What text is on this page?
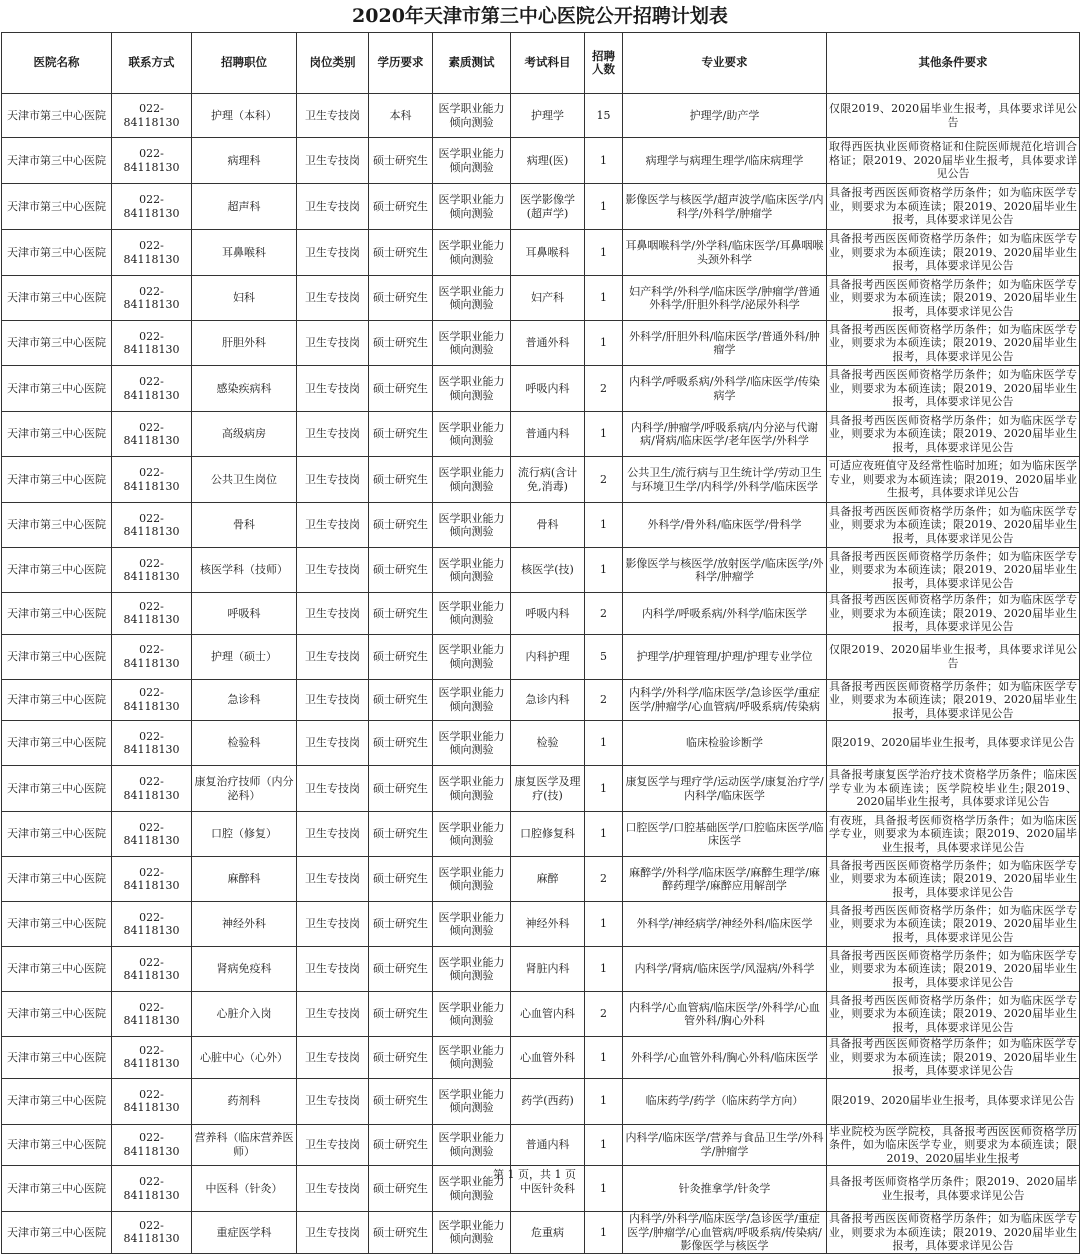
2020年天津市第三中心医院公开招聘计划表
医院名称	联系方式	招聘职位	岗位类别	学历要求	素质测试	考试科目	招聘人数	专业要求	其他条件要求
天津市第三中心医院	022-84118130	护理（本科）	卫生专技岗	本科	医学职业能力倾向测验	护理学	15	护理学/助产学	仅限2019、2020届毕业生报考，具体要求详见公告
天津市第三中心医院	022-84118130	病理科	卫生专技岗	硕士研究生	医学职业能力倾向测验	病理(医)	1	病理学与病理生理学/临床病理学	取得西医执业医师资格证和住院医师规范化培训合格证；限2019、2020届毕业生报考，具体要求详见公告
天津市第三中心医院	022-84118130	超声科	卫生专技岗	硕士研究生	医学职业能力倾向测验	医学影像学(超声学)	1	影像医学与核医学/超声波学/临床医学/内科学/外科学/肿瘤学	具备报考西医医师资格学历条件；如为临床医学专业，则要求为本硕连读；限2019、2020届毕业生报考，具体要求详见公告
天津市第三中心医院	022-84118130	耳鼻喉科	卫生专技岗	硕士研究生	医学职业能力倾向测验	耳鼻喉科	1	耳鼻咽喉科学/外学科/临床医学/耳鼻咽喉头颈外科学	具备报考西医医师资格学历条件；如为临床医学专业，则要求为本硕连读；限2019、2020届毕业生报考，具体要求详见公告
天津市第三中心医院	022-84118130	妇科	卫生专技岗	硕士研究生	医学职业能力倾向测验	妇产科	1	妇产科学/外科学/临床医学/肿瘤学/普通外科学/肝胆外科学/泌尿外科学	具备报考西医医师资格学历条件；如为临床医学专业，则要求为本硕连读；限2019、2020届毕业生报考，具体要求详见公告
天津市第三中心医院	022-84118130	肝胆外科	卫生专技岗	硕士研究生	医学职业能力倾向测验	普通外科	1	外科学/肝胆外科/临床医学/普通外科/肿瘤学	具备报考西医医师资格学历条件；如为临床医学专业，则要求为本硕连读；限2019、2020届毕业生报考，具体要求详见公告
天津市第三中心医院	022-84118130	感染疾病科	卫生专技岗	硕士研究生	医学职业能力倾向测验	呼吸内科	2	内科学/呼吸系病/外科学/临床医学/传染病学	具备报考西医医师资格学历条件；如为临床医学专业，则要求为本硕连读；限2019、2020届毕业生报考，具体要求详见公告
天津市第三中心医院	022-84118130	高级病房	卫生专技岗	硕士研究生	医学职业能力倾向测验	普通内科	1	内科学/肿瘤学/呼吸系病/内分泌与代谢病/肾病/临床医学/老年医学/外科学	具备报考西医医师资格学历条件；如为临床医学专业，则要求为本硕连读；限2019、2020届毕业生报考，具体要求详见公告
天津市第三中心医院	022-84118130	公共卫生岗位	卫生专技岗	硕士研究生	医学职业能力倾向测验	流行病(含计免,消毒)	2	公共卫生/流行病与卫生统计学/劳动卫生与环境卫生学/内科学/外科学/临床医学	可适应夜班值守及经常性临时加班；如为临床医学专业，则要求为本硕连读；限2019、2020届毕业生报考，具体要求详见公告
天津市第三中心医院	022-84118130	骨科	卫生专技岗	硕士研究生	医学职业能力倾向测验	骨科	1	外科学/骨外科/临床医学/骨科学	具备报考西医医师资格学历条件；如为临床医学专业，则要求为本硕连读；限2019、2020届毕业生报考，具体要求详见公告
天津市第三中心医院	022-84118130	核医学科（技师）	卫生专技岗	硕士研究生	医学职业能力倾向测验	核医学(技)	1	影像医学与核医学/放射医学/临床医学/外科学/肿瘤学	具备报考西医医师资格学历条件；如为临床医学专业，则要求为本硕连读；限2019、2020届毕业生报考，具体要求详见公告
天津市第三中心医院	022-84118130	呼吸科	卫生专技岗	硕士研究生	医学职业能力倾向测验	呼吸内科	2	内科学/呼吸系病/外科学/临床医学	具备报考西医医师资格学历条件；如为临床医学专业，则要求为本硕连读；限2019、2020届毕业生报考，具体要求详见公告
天津市第三中心医院	022-84118130	护理（硕士）	卫生专技岗	硕士研究生	医学职业能力倾向测验	内科护理	5	护理学/护理管理/护理/护理专业学位	仅限2019、2020届毕业生报考，具体要求详见公告
天津市第三中心医院	022-84118130	急诊科	卫生专技岗	硕士研究生	医学职业能力倾向测验	急诊内科	2	内科学/外科学/临床医学/急诊医学/重症医学/肿瘤学/心血管病/呼吸系病/传染病	具备报考西医医师资格学历条件；如为临床医学专业，则要求为本硕连读；限2019、2020届毕业生报考，具体要求详见公告
天津市第三中心医院	022-84118130	检验科	卫生专技岗	硕士研究生	医学职业能力倾向测验	检验	1	临床检验诊断学	限2019、2020届毕业生报考，具体要求详见公告
天津市第三中心医院	022-84118130	康复治疗技师（内分泌科）	卫生专技岗	硕士研究生	医学职业能力倾向测验	康复医学及理疗(技)	1	康复医学与理疗学/运动医学/康复治疗学/内科学/临床医学	具备报考康复医学治疗技术资格学历条件；临床医学专业为本硕连读；医学院校毕业生;限2019、2020届毕业生报考，具体要求详见公告
天津市第三中心医院	022-84118130	口腔（修复）	卫生专技岗	硕士研究生	医学职业能力倾向测验	口腔修复科	1	口腔医学/口腔基础医学/口腔临床医学/临床医学	有夜班，具备报考医师资格学历条件；如为临床医学专业，则要求为本硕连读；限2019、2020届毕业生报考，具体要求详见公告
天津市第三中心医院	022-84118130	麻醉科	卫生专技岗	硕士研究生	医学职业能力倾向测验	麻醉	2	麻醉学/外科学/临床医学/麻醉生理学/麻醉药理学/麻醉应用解剖学	具备报考西医医师资格学历条件；如为临床医学专业，则要求为本硕连读；限2019、2020届毕业生报考，具体要求详见公告
天津市第三中心医院	022-84118130	神经外科	卫生专技岗	硕士研究生	医学职业能力倾向测验	神经外科	1	外科学/神经病学/神经外科/临床医学	具备报考西医医师资格学历条件；如为临床医学专业，则要求为本硕连读；限2019、2020届毕业生报考，具体要求详见公告
天津市第三中心医院	022-84118130	肾病免疫科	卫生专技岗	硕士研究生	医学职业能力倾向测验	肾脏内科	1	内科学/肾病/临床医学/风湿病/外科学	具备报考西医医师资格学历条件；如为临床医学专业，则要求为本硕连读；限2019、2020届毕业生报考，具体要求详见公告
天津市第三中心医院	022-84118130	心脏介入岗	卫生专技岗	硕士研究生	医学职业能力倾向测验	心血管内科	2	内科学/心血管病/临床医学/外科学/心血管外科/胸心外科	具备报考西医医师资格学历条件；如为临床医学专业，则要求为本硕连读；限2019、2020届毕业生报考，具体要求详见公告
天津市第三中心医院	022-84118130	心脏中心（心外）	卫生专技岗	硕士研究生	医学职业能力倾向测验	心血管外科	1	外科学/心血管外科/胸心外科/临床医学	具备报考西医医师资格学历条件；如为临床医学专业，则要求为本硕连读；限2019、2020届毕业生报考，具体要求详见公告
天津市第三中心医院	022-84118130	药剂科	卫生专技岗	硕士研究生	医学职业能力倾向测验	药学(西药)	1	临床药学/药学（临床药学方向）	限2019、2020届毕业生报考，具体要求详见公告
天津市第三中心医院	022-84118130	营养科（临床营养医师）	卫生专技岗	硕士研究生	医学职业能力倾向测验	普通内科	1	内科学/临床医学/营养与食品卫生学/外科学/肿瘤学	毕业院校为医学院校，具备报考西医医师资格学历条件，如为临床医学专业，则要求为本硕连读；限2019、2020届毕业生报考
天津市第三中心医院	022-84118130	中医科（针灸）	卫生专技岗	硕士研究生	医学职业能力倾向测验	中医针灸科	1	针灸推拿学/针灸学	具备报考医师资格学历条件；限2019、2020届毕业生报考，具体要求详见公告
天津市第三中心医院	022-84118130	重症医学科	卫生专技岗	硕士研究生	医学职业能力倾向测验	危重病	1	内科学/外科学/临床医学/急诊医学/重症医学/肿瘤学/心血管病/呼吸系病/传染病/影像医学与核医学	具备报考西医医师资格学历条件；如为临床医学专业，则要求为本硕连读；限2019、2020届毕业生报考，具体要求详见公告
第 1 页，共 1 页
